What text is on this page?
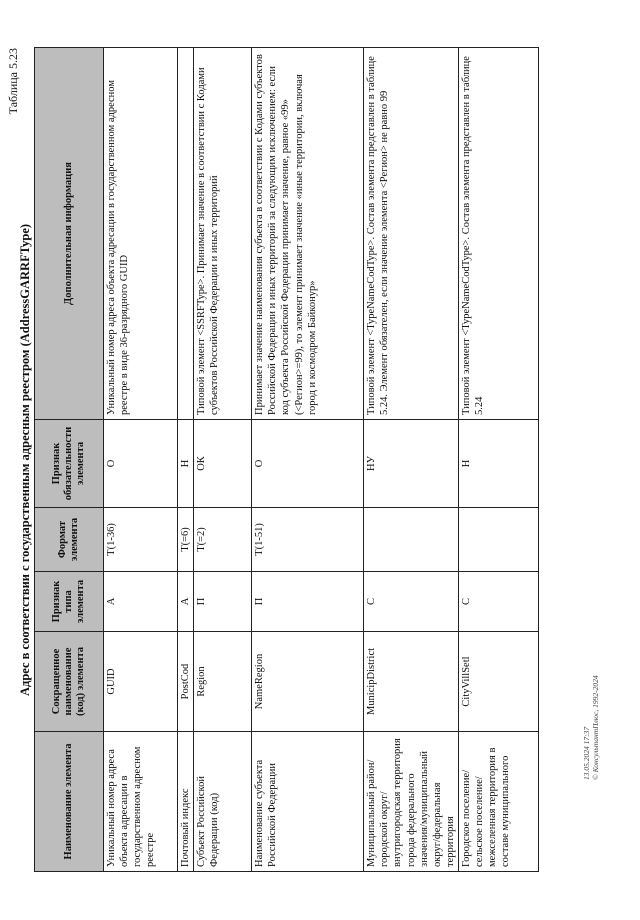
Таблица 5.23
Адрес в соответствии с государственным адресным реестром (AddressGARRFType)
Наименование элемента	Сокращенное наименование (код) элемента	Признак типа элемента	Формат элемента	Признак обязательности элемента	Дополнительная информация
Уникальный номер адреса объекта адресации в государственном адресном реестре	GUID	А	Т(1-36)	О	Уникальный номер адреса объекта адресации в государственном адресном реестре в виде 36-разрядного GUID
Почтовый индекс	PostCod	А	Т(=6)	Н	
Субъект Российской Федерации (код)	Region	П	Т(=2)	ОК	Типовой элемент <SSRFType>. Принимает значение в соответствии с Кодами субъектов Российской Федерации и иных территорий
Наименование субъекта Российской Федерации	NameRegion	П	Т(1-51)	О	Принимает значение наименования субъекта в соответствии с Кодами субъектов Российской Федерации и иных территорий за следующим исключением: если код субъекта Российской Федерации принимает значение, равное «99» (<Регион>=99), то элемент принимает значение «иные территории, включая город и космодром Байконур»
Муниципальный район/городской округ/внутригородская территория города федерального значения/муниципальный округ/федеральная территория	MunicipDistrict	С		НУ	Типовой элемент <TypeNameCodType>. Состав элемента представлен в таблице 5.24. Элемент обязателен, если значение элемента <Регион> не равно 99
Городское поселение/сельское поселение/межселенная территория в составе муниципального	CityVillSetl	С		Н	Типовой элемент <TypeNameCodType>. Состав элемента представлен в таблице 5.24
13.05.2024 17:37 © КонсультантПлюс, 1992-2024
